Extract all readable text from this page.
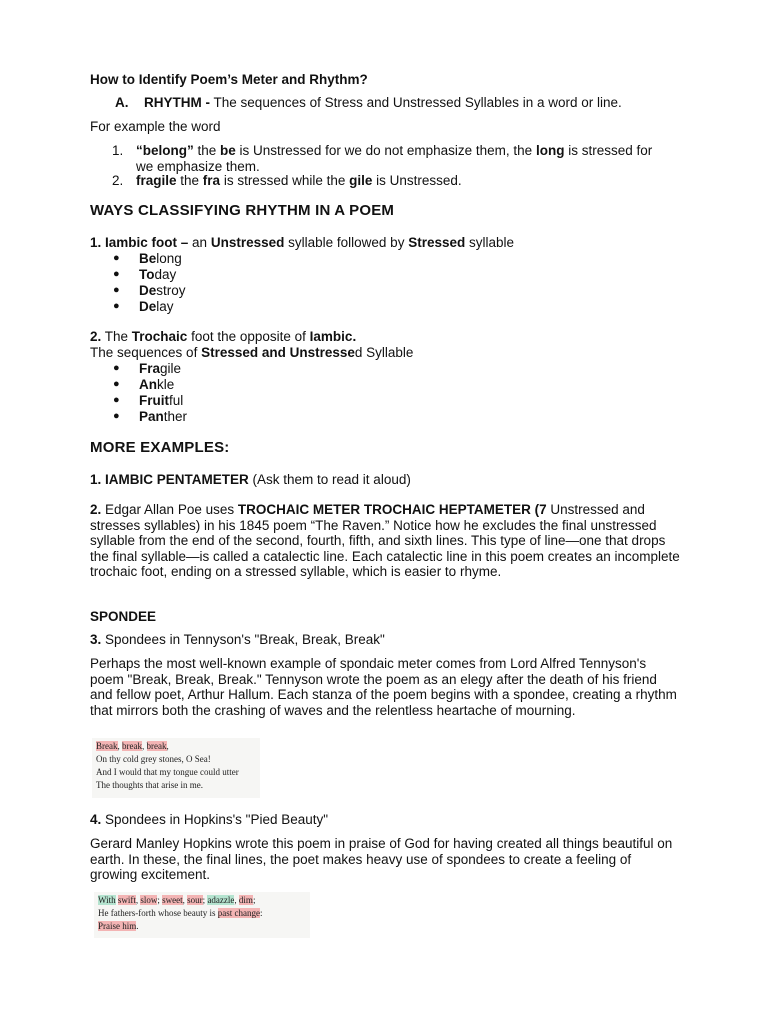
How to Identify Poem’s Meter and Rhythm?
A. RHYTHM - The sequences of Stress and Unstressed Syllables in a word or line.
For example the word
1. “belong” the be is Unstressed for we do not emphasize them, the long is stressed for we emphasize them.
2. fragile the fra is stressed while the gile is Unstressed.
WAYS CLASSIFYING RHYTHM IN A POEM
1. Iambic foot – an Unstressed syllable followed by Stressed syllable
● Belong
● Today
● Destroy
● Delay
2. The Trochaic foot the opposite of Iambic.
The sequences of Stressed and Unstressed Syllable
● Fragile
● Ankle
● Fruitful
● Panther
MORE EXAMPLES:
1. IAMBIC PENTAMETER (Ask them to read it aloud)
2. Edgar Allan Poe uses TROCHAIC METER TROCHAIC HEPTAMETER (7 Unstressed and stresses syllables) in his 1845 poem “The Raven.” Notice how he excludes the final unstressed syllable from the end of the second, fourth, fifth, and sixth lines. This type of line—one that drops the final syllable—is called a catalectic line. Each catalectic line in this poem creates an incomplete trochaic foot, ending on a stressed syllable, which is easier to rhyme.
SPONDEE
3. Spondees in Tennyson's "Break, Break, Break"
Perhaps the most well-known example of spondaic meter comes from Lord Alfred Tennyson's poem "Break, Break, Break." Tennyson wrote the poem as an elegy after the death of his friend and fellow poet, Arthur Hallum. Each stanza of the poem begins with a spondee, creating a rhythm that mirrors both the crashing of waves and the relentless heartache of mourning.
Break, break, break,
On thy cold grey stones, O Sea!
And I would that my tongue could utter
The thoughts that arise in me.
4. Spondees in Hopkins's "Pied Beauty"
Gerard Manley Hopkins wrote this poem in praise of God for having created all things beautiful on earth. In these, the final lines, the poet makes heavy use of spondees to create a feeling of growing excitement.
With swift, slow; sweet, sour; adazzle, dim;
He fathers-forth whose beauty is past change:
Praise him.
